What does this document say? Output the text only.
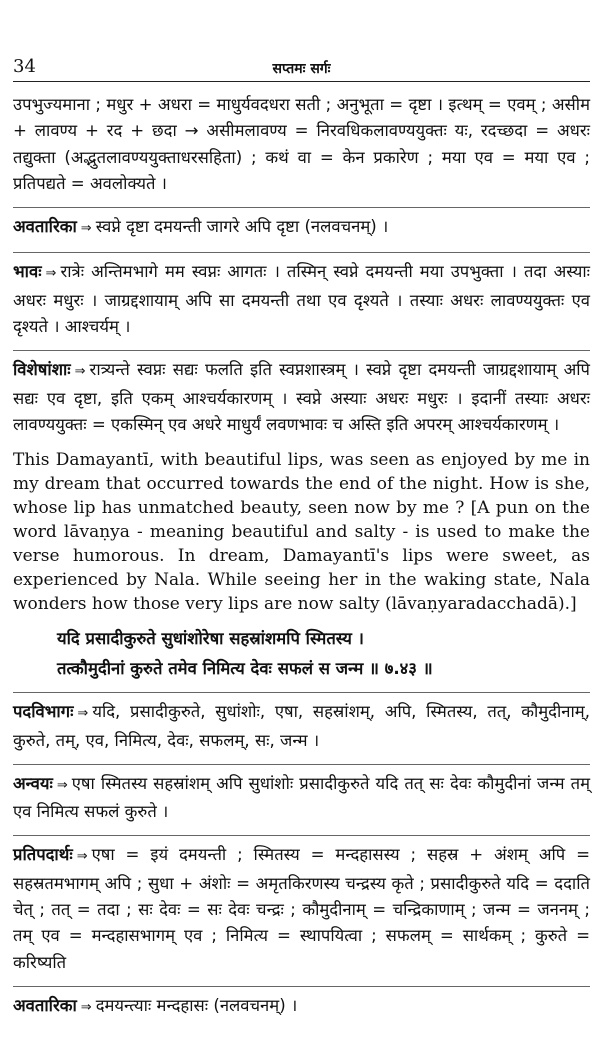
34	सप्तमः सर्गः

उपभुज्यमाना ; मधुर + अधरा = माधुर्यवदधरा सती ; अनुभूता = दृष्टा । इत्थम् = एवम् ; असीम + लावण्य + रद + छदा → असीमलावण्य = निरवधिकलावण्ययुक्तः यः, रदच्छदा = अधरः तद्युक्ता (अद्भुतलावण्ययुक्ताधरसहिता) ; कथं वा = केन प्रकारेण ; मया एव = मया एव ; प्रतिपद्यते = अवलोक्यते ।

अवतारिका ⇒ स्वप्ने दृष्टा दमयन्ती जागरे अपि दृष्टा (नलवचनम्) ।

भावः ⇒ रात्रेः अन्तिमभागे मम स्वप्नः आगतः । तस्मिन् स्वप्ने दमयन्ती मया उपभुक्ता । तदा अस्याः अधरः मधुरः । जाग्रद्दशायाम् अपि सा दमयन्ती तथा एव दृश्यते । तस्याः अधरः लावण्ययुक्तः एव दृश्यते । आश्चर्यम् ।

विशेषांशाः ⇒ रात्र्यन्ते स्वप्नः सद्यः फलति इति स्वप्नशास्त्रम् । स्वप्ने दृष्टा दमयन्ती जाग्रद्दशायाम् अपि सद्यः एव दृष्टा, इति एकम् आश्चर्यकारणम् । स्वप्ने अस्याः अधरः मधुरः । इदानीं तस्याः अधरः लावण्ययुक्तः = एकस्मिन् एव अधरे माधुर्यं लवणभावः च अस्ति इति अपरम् आश्चर्यकारणम् ।

This Damayantī, with beautiful lips, was seen as enjoyed by me in my dream that occurred towards the end of the night. How is she, whose lip has unmatched beauty, seen now by me ? [A pun on the word lāvaṇya - meaning beautiful and salty - is used to make the verse humorous. In dream, Damayantī's lips were sweet, as experienced by Nala. While seeing her in the waking state, Nala wonders how those very lips are now salty (lāvaṇyaradacchadā).]

यदि प्रसादीकुरुते सुधांशोरेषा सहस्रांशमपि स्मितस्य ।
तत्कौमुदीनां कुरुते तमेव निमित्य देवः सफलं स जन्म ॥ ७.४३ ॥

पदविभागः ⇒ यदि, प्रसादीकुरुते, सुधांशोः, एषा, सहस्रांशम्, अपि, स्मितस्य, तत्, कौमुदीनाम्, कुरुते, तम्, एव, निमित्य, देवः, सफलम्, सः, जन्म ।

अन्वयः ⇒ एषा स्मितस्य सहस्रांशम् अपि सुधांशोः प्रसादीकुरुते यदि तत् सः देवः कौमुदीनां जन्म तम् एव निमित्य सफलं कुरुते ।

प्रतिपदार्थः ⇒ एषा = इयं दमयन्ती ; स्मितस्य = मन्दहासस्य ; सहस्र + अंशम् अपि = सहस्रतमभागम् अपि ; सुधा + अंशोः = अमृतकिरणस्य चन्द्रस्य कृते ; प्रसादीकुरुते यदि = ददाति चेत् ; तत् = तदा ; सः देवः = सः देवः चन्द्रः ; कौमुदीनाम् = चन्द्रिकाणाम् ; जन्म = जननम् ; तम् एव = मन्दहासभागम् एव ; निमित्य = स्थापयित्वा ; सफलम् = सार्थकम् ; कुरुते = करिष्यति

अवतारिका ⇒ दमयन्त्याः मन्दहासः (नलवचनम्) ।
